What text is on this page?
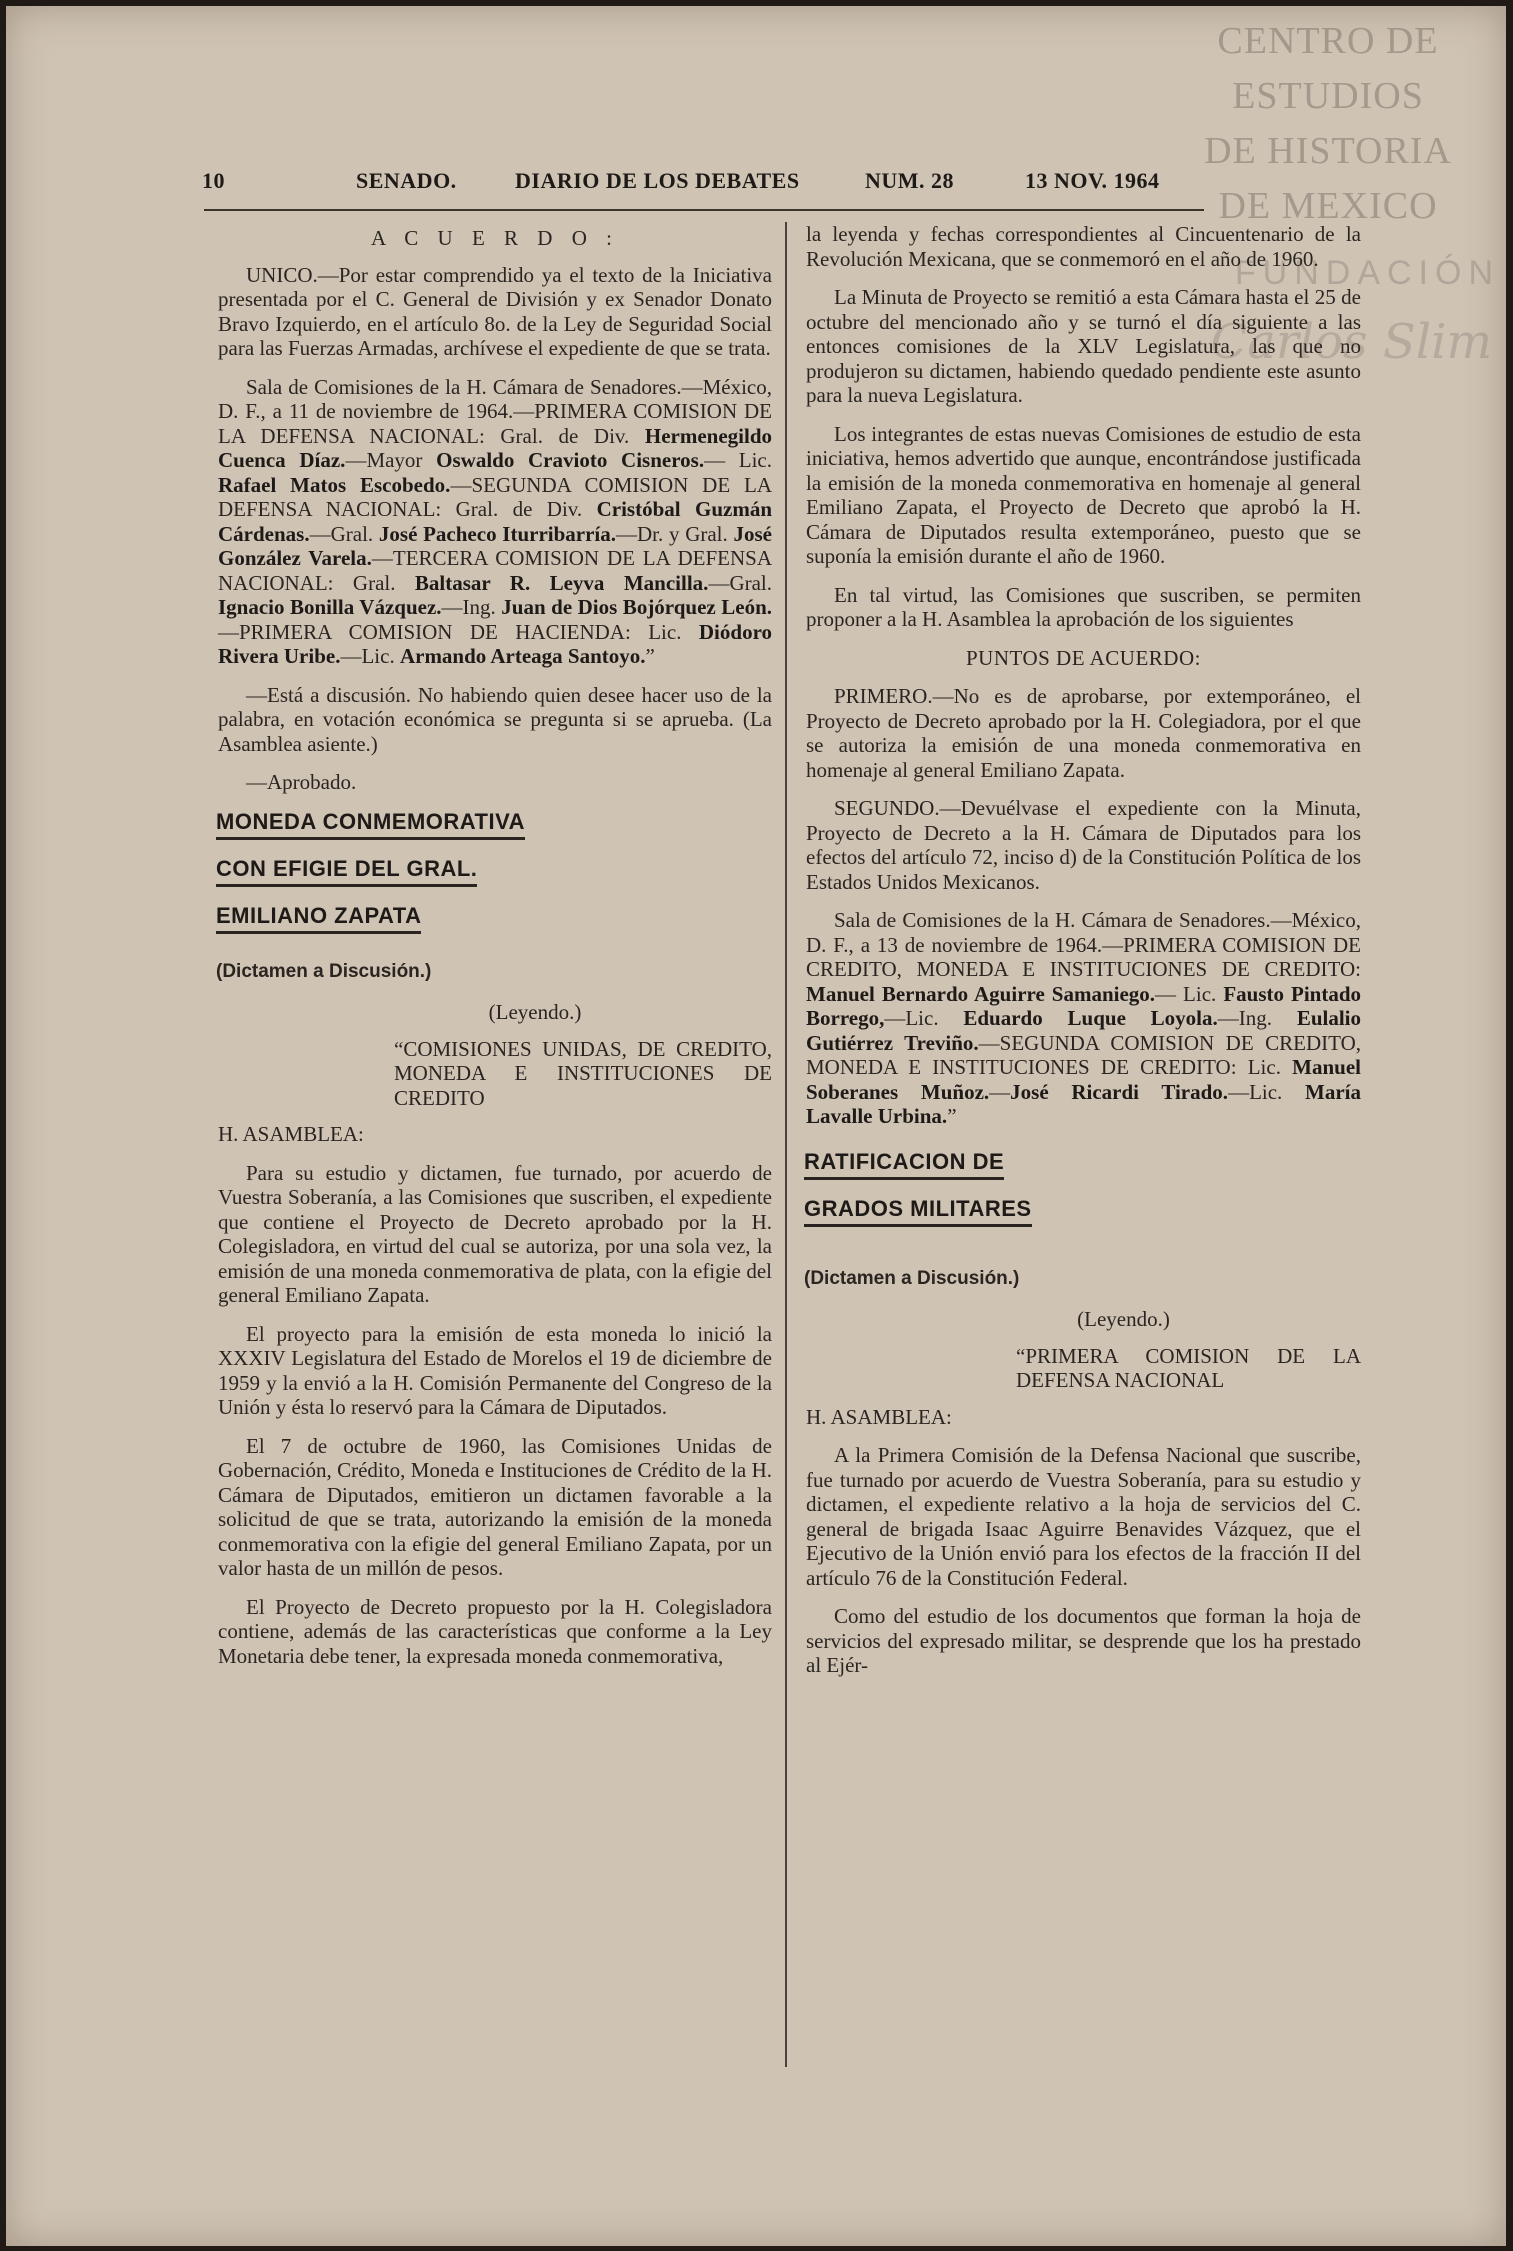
CENTRO DE
ESTUDIOS
DE HISTORIA
DE MEXICO
FUNDACIÓN
Carlos Slim
10	SENADO.	DIARIO DE LOS DEBATES	NUM. 28	13 NOV. 1964
A C U E R D O :

UNICO.—Por estar comprendido ya el texto de la Iniciativa presentada por el C. General de División y ex Senador Donato Bravo Izquierdo, en el artículo 8o. de la Ley de Seguridad Social para las Fuerzas Armadas, archívese el expediente de que se trata.

Sala de Comisiones de la H. Cámara de Senadores.—México, D. F., a 11 de noviembre de 1964.—PRIMERA COMISION DE LA DEFENSA NACIONAL: Gral. de Div. Hermenegildo Cuenca Díaz.—Mayor Oswaldo Cravioto Cisneros.— Lic. Rafael Matos Escobedo.—SEGUNDA COMISION DE LA DEFENSA NACIONAL: Gral. de Div. Cristóbal Guzmán Cárdenas.—Gral. José Pacheco Iturribarría.—Dr. y Gral. José González Varela.—TERCERA COMISION DE LA DEFENSA NACIONAL: Gral. Baltasar R. Leyva Mancilla.—Gral. Ignacio Bonilla Vázquez.—Ing. Juan de Dios Bojórquez León.—PRIMERA COMISION DE HACIENDA: Lic. Diódoro Rivera Uribe.—Lic. Armando Arteaga Santoyo.”

—Está a discusión. No habiendo quien desee hacer uso de la palabra, en votación económica se pregunta si se aprueba. (La Asamblea asiente.)

—Aprobado.

MONEDA CONMEMORATIVA
CON EFIGIE DEL GRAL.
EMILIANO ZAPATA
(Dictamen a Discusión.)
(Leyendo.)
“COMISIONES UNIDAS, DE CREDITO, MONEDA E INSTITUCIONES DE CREDITO
H. ASAMBLEA:

Para su estudio y dictamen, fue turnado, por acuerdo de Vuestra Soberanía, a las Comisiones que suscriben, el expediente que contiene el Proyecto de Decreto aprobado por la H. Colegisladora, en virtud del cual se autoriza, por una sola vez, la emisión de una moneda conmemorativa de plata, con la efigie del general Emiliano Zapata.

El proyecto para la emisión de esta moneda lo inició la XXXIV Legislatura del Estado de Morelos el 19 de diciembre de 1959 y la envió a la H. Comisión Permanente del Congreso de la Unión y ésta lo reservó para la Cámara de Diputados.

El 7 de octubre de 1960, las Comisiones Unidas de Gobernación, Crédito, Moneda e Instituciones de Crédito de la H. Cámara de Diputados, emitieron un dictamen favorable a la solicitud de que se trata, autorizando la emisión de la moneda conmemorativa con la efigie del general Emiliano Zapata, por un valor hasta de un millón de pesos.

El Proyecto de Decreto propuesto por la H. Colegisladora contiene, además de las características que conforme a la Ley Monetaria debe tener, la expresada moneda conmemorativa,

la leyenda y fechas correspondientes al Cincuentenario de la Revolución Mexicana, que se conmemoró en el año de 1960.

La Minuta de Proyecto se remitió a esta Cámara hasta el 25 de octubre del mencionado año y se turnó el día siguiente a las entonces comisiones de la XLV Legislatura, las que no produjeron su dictamen, habiendo quedado pendiente este asunto para la nueva Legislatura.

Los integrantes de estas nuevas Comisiones de estudio de esta iniciativa, hemos advertido que aunque, encontrándose justificada la emisión de la moneda conmemorativa en homenaje al general Emiliano Zapata, el Proyecto de Decreto que aprobó la H. Cámara de Diputados resulta extemporáneo, puesto que se suponía la emisión durante el año de 1960.

En tal virtud, las Comisiones que suscriben, se permiten proponer a la H. Asamblea la aprobación de los siguientes

PUNTOS DE ACUERDO:

PRIMERO.—No es de aprobarse, por extemporáneo, el Proyecto de Decreto aprobado por la H. Colegiadora, por el que se autoriza la emisión de una moneda conmemorativa en homenaje al general Emiliano Zapata.

SEGUNDO.—Devuélvase el expediente con la Minuta, Proyecto de Decreto a la H. Cámara de Diputados para los efectos del artículo 72, inciso d) de la Constitución Política de los Estados Unidos Mexicanos.

Sala de Comisiones de la H. Cámara de Senadores.—México, D. F., a 13 de noviembre de 1964.—PRIMERA COMISION DE CREDITO, MONEDA E INSTITUCIONES DE CREDITO: Manuel Bernardo Aguirre Samaniego.— Lic. Fausto Pintado Borrego,—Lic. Eduardo Luque Loyola.—Ing. Eulalio Gutiérrez Treviño.—SEGUNDA COMISION DE CREDITO, MONEDA E INSTITUCIONES DE CREDITO: Lic. Manuel Soberanes Muñoz.—José Ricardi Tirado.—Lic. María Lavalle Urbina.”

RATIFICACION DE
GRADOS MILITARES
(Dictamen a Discusión.)
(Leyendo.)
“PRIMERA COMISION DE LA DEFENSA NACIONAL
H. ASAMBLEA:

A la Primera Comisión de la Defensa Nacional que suscribe, fue turnado por acuerdo de Vuestra Soberanía, para su estudio y dictamen, el expediente relativo a la hoja de servicios del C. general de brigada Isaac Aguirre Benavides Vázquez, que el Ejecutivo de la Unión envió para los efectos de la fracción II del artículo 76 de la Constitución Federal.

Como del estudio de los documentos que forman la hoja de servicios del expresado militar, se desprende que los ha prestado al Ejér-
